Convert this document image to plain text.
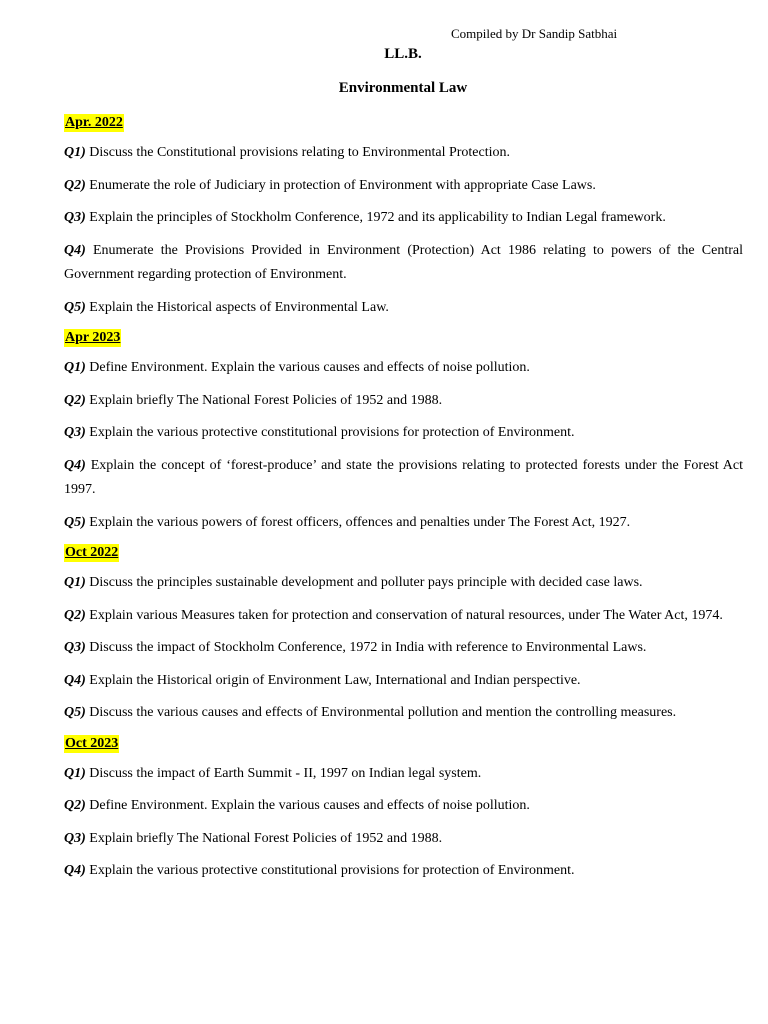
Compiled by Dr Sandip Satbhai
LL.B.
Environmental Law
Apr. 2022

Q1) Discuss the Constitutional provisions relating to Environmental Protection.

Q2) Enumerate the role of Judiciary in protection of Environment with appropriate Case Laws.

Q3) Explain the principles of Stockholm Conference, 1972 and its applicability to Indian Legal framework.

Q4) Enumerate the Provisions Provided in Environment (Protection) Act 1986 relating to powers of the Central Government regarding protection of Environment.

Q5) Explain the Historical aspects of Environmental Law.

Apr 2023

Q1) Define Environment. Explain the various causes and effects of noise pollution.

Q2) Explain briefly The National Forest Policies of 1952 and 1988.

Q3) Explain the various protective constitutional provisions for protection of Environment.

Q4) Explain the concept of ‘forest-produce’ and state the provisions relating to protected forests under the Forest Act 1997.

Q5) Explain the various powers of forest officers, offences and penalties under The Forest Act, 1927.

Oct 2022

Q1) Discuss the principles sustainable development and polluter pays principle with decided case laws.

Q2) Explain various Measures taken for protection and conservation of natural resources, under The Water Act, 1974.

Q3) Discuss the impact of Stockholm Conference, 1972 in India with reference to Environmental Laws.

Q4) Explain the Historical origin of Environment Law, International and Indian perspective.

Q5) Discuss the various causes and effects of Environmental pollution and mention the controlling measures.

Oct 2023

Q1) Discuss the impact of Earth Summit - II, 1997 on Indian legal system.

Q2) Define Environment. Explain the various causes and effects of noise pollution.

Q3) Explain briefly The National Forest Policies of 1952 and 1988.

Q4) Explain the various protective constitutional provisions for protection of Environment.
